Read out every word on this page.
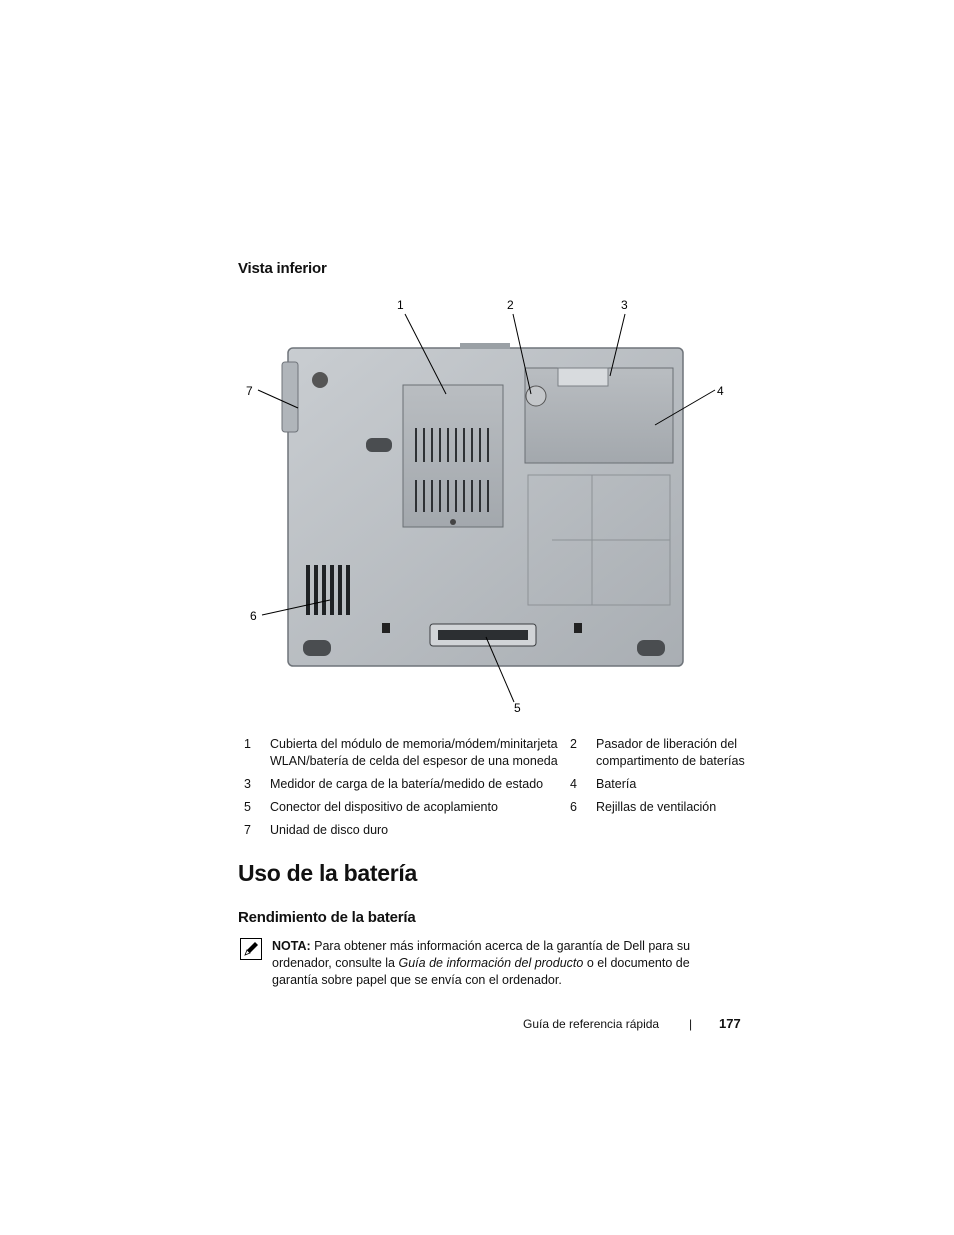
Vista inferior
1	2	3
4
5
6
7
1	Cubierta del módulo de memoria/módem/minitarjeta WLAN/batería de celda del espesor de una moneda	2	Pasador de liberación del compartimento de baterías
3	Medidor de carga de la batería/medido de estado	4	Batería
5	Conector del dispositivo de acoplamiento	6	Rejillas de ventilación
7	Unidad de disco duro		
Uso de la batería
Rendimiento de la batería
NOTA: Para obtener más información acerca de la garantía de Dell para su ordenador, consulte la Guía de información del producto o el documento de garantía sobre papel que se envía con el ordenador.
Guía de referencia rápida | 177
